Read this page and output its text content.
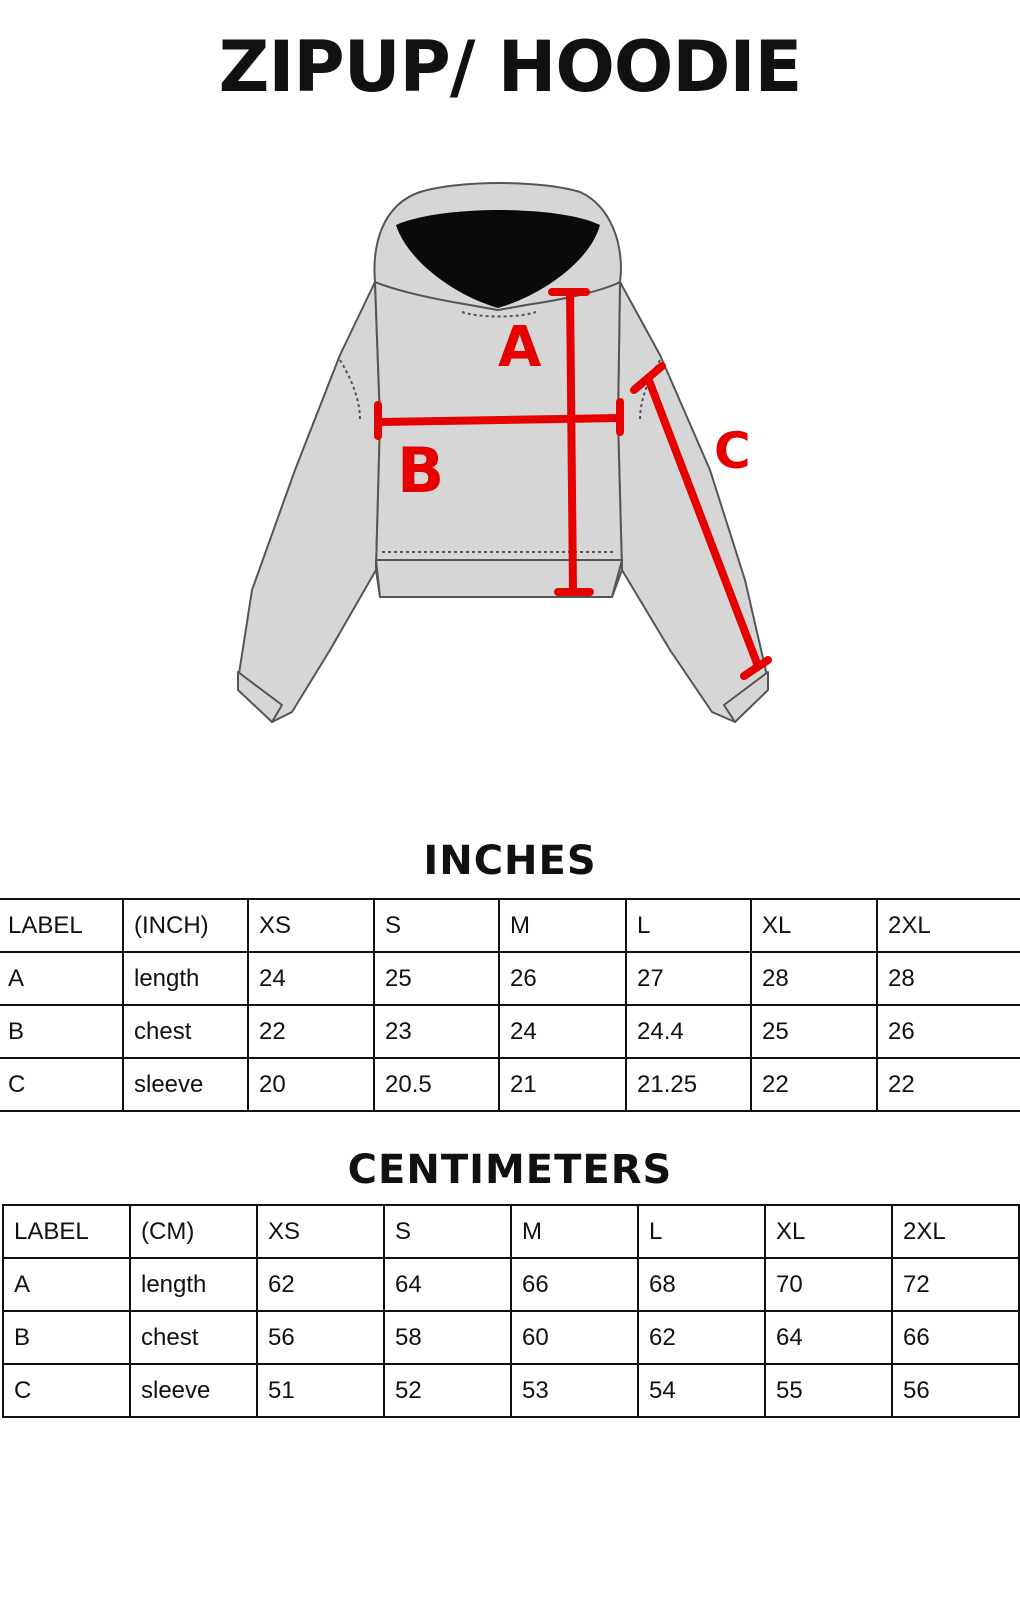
ZIPUP/ HOODIE
A
B	C
INCHES
LABEL	(INCH)	XS	S	M	L	XL	2XL
A	length	24	25	26	27	28	28
B	chest	22	23	24	24.4	25	26
C	sleeve	20	20.5	21	21.25	22	22
CENTIMETERS
LABEL	(CM)	XS	S	M	L	XL	2XL
A	length	62	64	66	68	70	72
B	chest	56	58	60	62	64	66
C	sleeve	51	52	53	54	55	56
